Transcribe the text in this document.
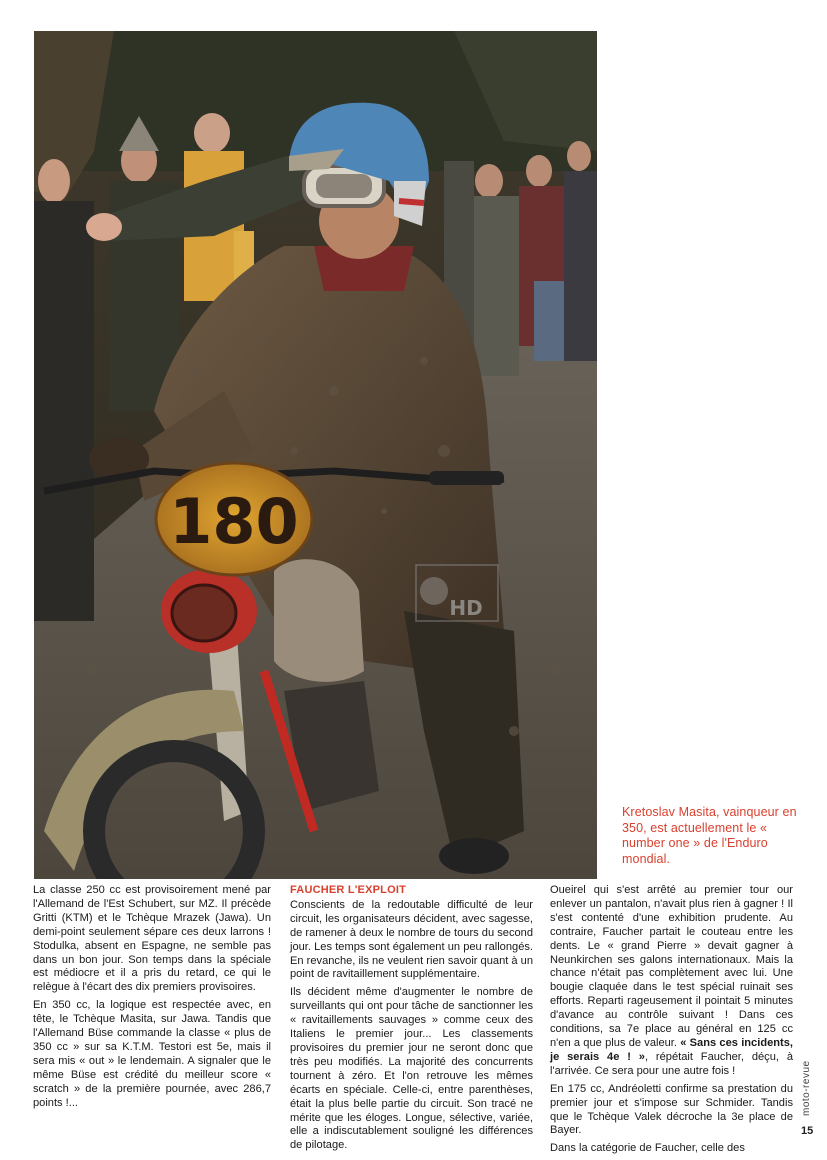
180
HD
Kretoslav Masita, vainqueur en 350, est actuellement le « number one » de l'Enduro mondial.

La classe 250 cc est provisoirement mené par l'Allemand de l'Est Schubert, sur MZ. Il précède Gritti (KTM) et le Tchèque Mrazek (Jawa). Un demi-point seulement sépare ces deux larrons ! Stodulka, absent en Espagne, ne semble pas dans un bon jour. Son temps dans la spéciale est médiocre et il a pris du retard, ce qui le relègue à l'écart des dix premiers provisoires.

En 350 cc, la logique est respectée avec, en tête, le Tchèque Masita, sur Jawa. Tandis que l'Allemand Büse commande la classe « plus de 350 cc » sur sa K.T.M. Testori est 5e, mais il sera mis « out » le lendemain. A signaler que le même Büse est crédité du meilleur score « scratch » de la première pournée, avec 286,7 points !...

FAUCHER L'EXPLOIT

Conscients de la redoutable difficulté de leur circuit, les organisateurs décident, avec sagesse, de ramener à deux le nombre de tours du second jour. Les temps sont également un peu rallongés. En revanche, ils ne veulent rien savoir quant à un point de ravitaillement supplémentaire.

Ils décident même d'augmenter le nombre de surveillants qui ont pour tâche de sanctionner les « ravitaillements sauvages » comme ceux des Italiens le premier jour... Les classements provisoires du premier jour ne seront donc que très peu modifiés. La majorité des concurrents tournent à zéro. Et l'on retrouve les mêmes écarts en spéciale. Celle-ci, entre parenthèses, était la plus belle partie du circuit. Son tracé ne mérite que les éloges. Longue, sélective, variée, elle a indiscutablement souligné les différences de pilotage.

Oueirel qui s'est arrêté au premier tour our enlever un pantalon, n'avait plus rien à gagner ! Il s'est contenté d'une exhibition prudente. Au contraire, Faucher partait le couteau entre les dents. Le « grand Pierre » devait gagner à Neunkirchen ses galons internationaux. Mais la chance n'était pas complètement avec lui. Une bougie claquée dans le test spécial ruinait ses efforts. Reparti rageusement il pointait 5 minutes d'avance au contrôle suivant ! Dans ces conditions, sa 7e place au général en 125 cc n'en a que plus de valeur. « Sans ces incidents, je serais 4e ! », répétait Faucher, déçu, à l'arrivée. Ce sera pour une autre fois !

En 175 cc, Andréoletti confirme sa prestation du premier jour et s'impose sur Schmider. Tandis que le Tchèque Valek décroche la 3e place de Bayer.

Dans la catégorie de Faucher, celle des

moto-revue
15
